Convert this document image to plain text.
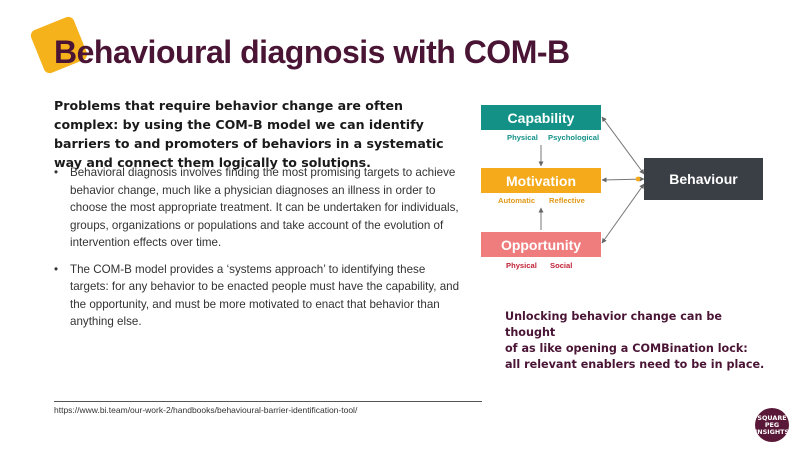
Behavioural diagnosis with COM-B
Problems that require behavior change are often complex: by using the COM-B model we can identify barriers to and promoters of behaviors in a systematic way and connect them logically to solutions.
• Behavioral diagnosis involves finding the most promising targets to achieve behavior change, much like a physician diagnoses an illness in order to choose the most appropriate treatment. It can be undertaken for individuals, groups, organizations or populations and take account of the evolution of intervention effects over time.
• The COM-B model provides a ‘systems approach’ to identifying these targets: for any behavior to be enacted people must have the capability, and the opportunity, and must be more motivated to enact that behavior than anything else.
https://www.bi.team/our-work-2/handbooks/behavioural-barrier-identification-tool/
Capability
Physical Psychological
Motivation
Automatic Reflective
Opportunity
Physical Social
Behaviour
Unlocking behavior change can be thought
of as like opening a COMBination lock:
all relevant enablers need to be in place.
SQUARE
PEG
INSIGHTS
